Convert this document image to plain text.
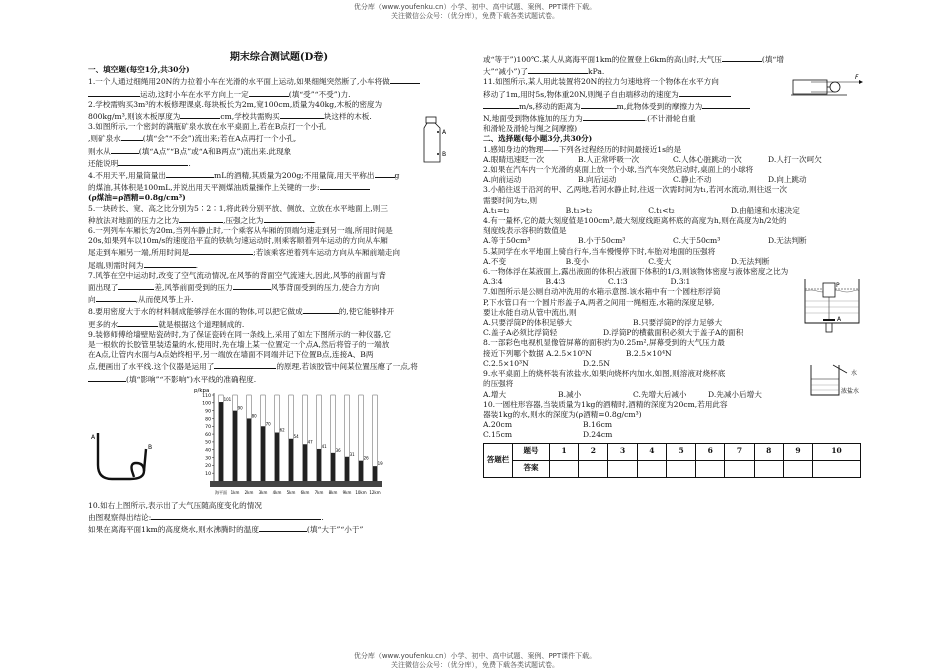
优分库（www.youfenku.cn）小学、初中、高中试题、案例、PPT课件下载。
关注微信公众号：（优分库），免费下载各类试题试卷。
优分库（www.youfenku.cn）小学、初中、高中试题、案例、PPT课件下载。
关注微信公众号：（优分库），免费下载各类试题试卷。

期末综合测试题(D卷)

一、填空题(每空1分,共30分)

1.一个人通过细绳用20N的力拉着小车在光滑的水平面上运动,如果细绳突然断了,小车将做

运动,这时小车在水平方向上一定	(填“受”“不受”)力.

2.学校需购买3m³的木板修理课桌.每块板长为2m,宽100cm,质量为40kg,木板的密度为

800kg/m³,则该木板厚度为	cm,学校共需购买	块这样的木板.

3.如图所示,一个密封的满瓶矿泉水放在水平桌面上,若在B点打一个小孔

,则矿泉水	(填“会”“不会”)流出来;若在A点再打一个小孔,

则水从	(填“A点”“B点”或“A和B两点”)流出来.此现象

还能说明	.

A
B

4.不用天平,用量筒量出	mL的酒精,其质量为200g;不用量筒,用天平称出	g

的煤油,其体积是100mL,并说出用天平测煤油质量操作上关键的一步:

(ρ煤油=ρ酒精=0.8g/cm³)

5.一块砖长、宽、高之比分别为5∶2∶1,将此砖分别平放、侧放、立放在水平地面上,则三

种放法对地面的压力之比为	,压强之比为	.

6.一列列车车厢长为20m,当列车静止时,一个乘客从车厢的顶端匀速走到另一端,所用时间是

20s,如果列车以10m/s的速度沿平直的铁轨匀速运动时,则乘客顺着列车运动的方向从车厢

尾走到车厢另一端,所用时间是	;若该乘客逆着列车运动方向从车厢前端走向

尾端,则需时间为	.

7.风筝在空中运动时,改变了空气流动情况,在风筝的背面空气流速大,因此,风筝的前面与背

面出现了	差,风筝前面受到的压力	风筝背面受到的压力,使合力方向

向	,从而使风筝上升.

8.要用密度大于水的材料制成能够浮在水面的物体,可以把它做成	的,使它能够排开

更多的水	就是根据这个道理制成的.

9.装修师傅给墙壁贴瓷砖时,为了保证瓷砖在同一条线上,采用了如左下图所示的一种仪器,它

是一根软的长胶管里装适量的水,使用时,先在墙上某一位置定一个点A,然后将管子的一端放

在A点,让管内水面与A点始终相平,另一端放在墙面不同端并记下位置B点,连接A、B两

点,便画出了水平线.这个仪器是运用了	的原理,若该胶管中间某位置压瘪了一点,将

(填“影响”“不影响”)水平线的准确程度.

A
B
p/kpa
10
20
30
40
50
60
70
80
90
100
110
101
90
80
70
62
54
47
41
36
31
26
19
海平面 1km 2km 3km 4km 5km 6km 7km 8km 9km 10km 12km

10.如右上图所示,表示出了大气压随高度变化的情况

由图观察得出结论:	.

如果在离海平面1km的高度烧水,则水沸腾时的温度	(填“大于”“小于”

或“等于”)100℃.某人从离海平面1km的位置登上6km的高山时,大气压	(填“增

大”“减小”)了	kPa.

11.如图所示,某人用此装置将20N的拉力匀速地将一个物体在水平方向

移动了1m,用时5s,物体重20N,则绳子自由端移动的速度为

m/s,移动的距离为	m,此物体受到的摩擦力为

N,地面受到物体施加的压力为	.(不计滑轮自重

和滑轮及滑轮与绳之间摩擦)

F

二、选择题(每小题3分,共30分)

1.感知身边的物理——下列各过程经历的时间最接近1s的是

A.眼睛迅速眨一次	B.人正常呼吸一次	C.人体心脏跳动一次	D.人打一次呵欠

2.如果在汽车内一个光滑的桌面上放一个小球,当汽车突然启动时,桌面上的小球将

A.向前运动	B.向后运动	C.静止不动	D.向上跳动

3.小船往返于沿河的甲、乙两地,若河水静止时,往返一次需时间为t₁,若河水流动,则往返一次

需要时间为t₂,则

A.t₁=t₂	B.t₁>t₂	C.t₁<t₂	D.由船速和水速决定

4.有一量杯,它的最大刻度值是100cm³,最大刻度线距离杯底的高度为h,则在高度为h/2处的

刻度线表示容积的数值是

A.等于50cm³	B.小于50cm³	C.大于50cm³	D.无法判断

5.某同学在水平地面上骑自行车,当车慢慢停下时,车胎对地面的压强将

A.不变	B.变小	C.变大	D.无法判断

6.一物体浮在某液面上,露出液面的体积占液面下体积的1/3,则该物体密度与液体密度之比为

A.3∶4	B.4∶3	C.1∶3	D.3∶1

7.如图所示是公厕自动冲洗用的水箱示意图.该水箱中有一个圆柱形浮筒

P,下水管口有一个圆片形盖子A,两者之间用一绳相连,水箱的深度足够,

要让水能自动从管中流出,则

A.只要浮筒P的体积足够大	B.只要浮筒P的浮力足够大
C.盖子A必须比浮筒轻	D.浮筒P的横截面积必须大于盖子A的面积
P
A

8.一部彩色电视机显像管屏幕的面积约为0.25m²,屏幕受到的大气压力最

接近下列哪个数据 A.2.5×10⁵N	B.2.5×10⁴N

C.2.5×10³N	D.2.5N

9.水平桌面上的烧杯装有浓盐水,如果向烧杯内加水,如图,则溶液对烧杯底

的压强将

A.增大	B.减小	C.先增大后减小	D.先减小后增大
水
浓盐水

10.一圆柱形容器,当装质量为1kg的酒精时,酒精的深度为20cm,若用此容

器装1kg的水,则水的深度为(ρ酒精=0.8g/cm³)

A.20cm	B.16cm
C.15cm	D.24cm
答题栏	题号	1	2	3	4	5	6	7	8	9	10
	答案										
